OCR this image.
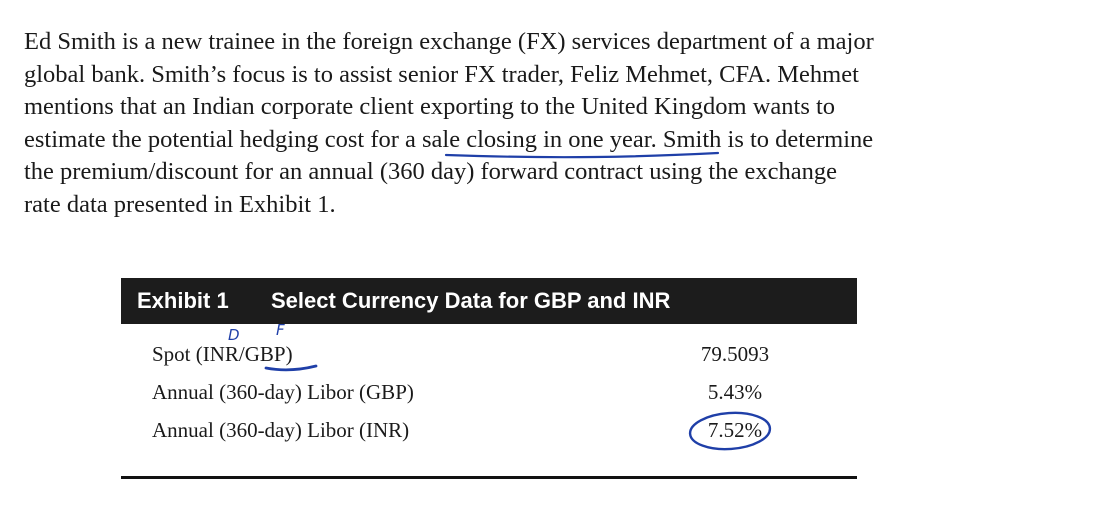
Ed Smith is a new trainee in the foreign exchange (FX) services department of a major
global bank. Smith’s focus is to assist senior FX trader, Feliz Mehmet, CFA. Mehmet
mentions that an Indian corporate client exporting to the United Kingdom wants to
estimate the potential hedging cost for a sale closing in one year. Smith is to determine
the premium/discount for an annual (360 day) forward contract using the exchange
rate data presented in Exhibit 1.
Exhibit 1 Select Currency Data for GBP and INR
Spot (INR/GBP)	79.5093
Annual (360-day) Libor (GBP)	5.43%
Annual (360-day) Libor (INR)	7.52%
D F
